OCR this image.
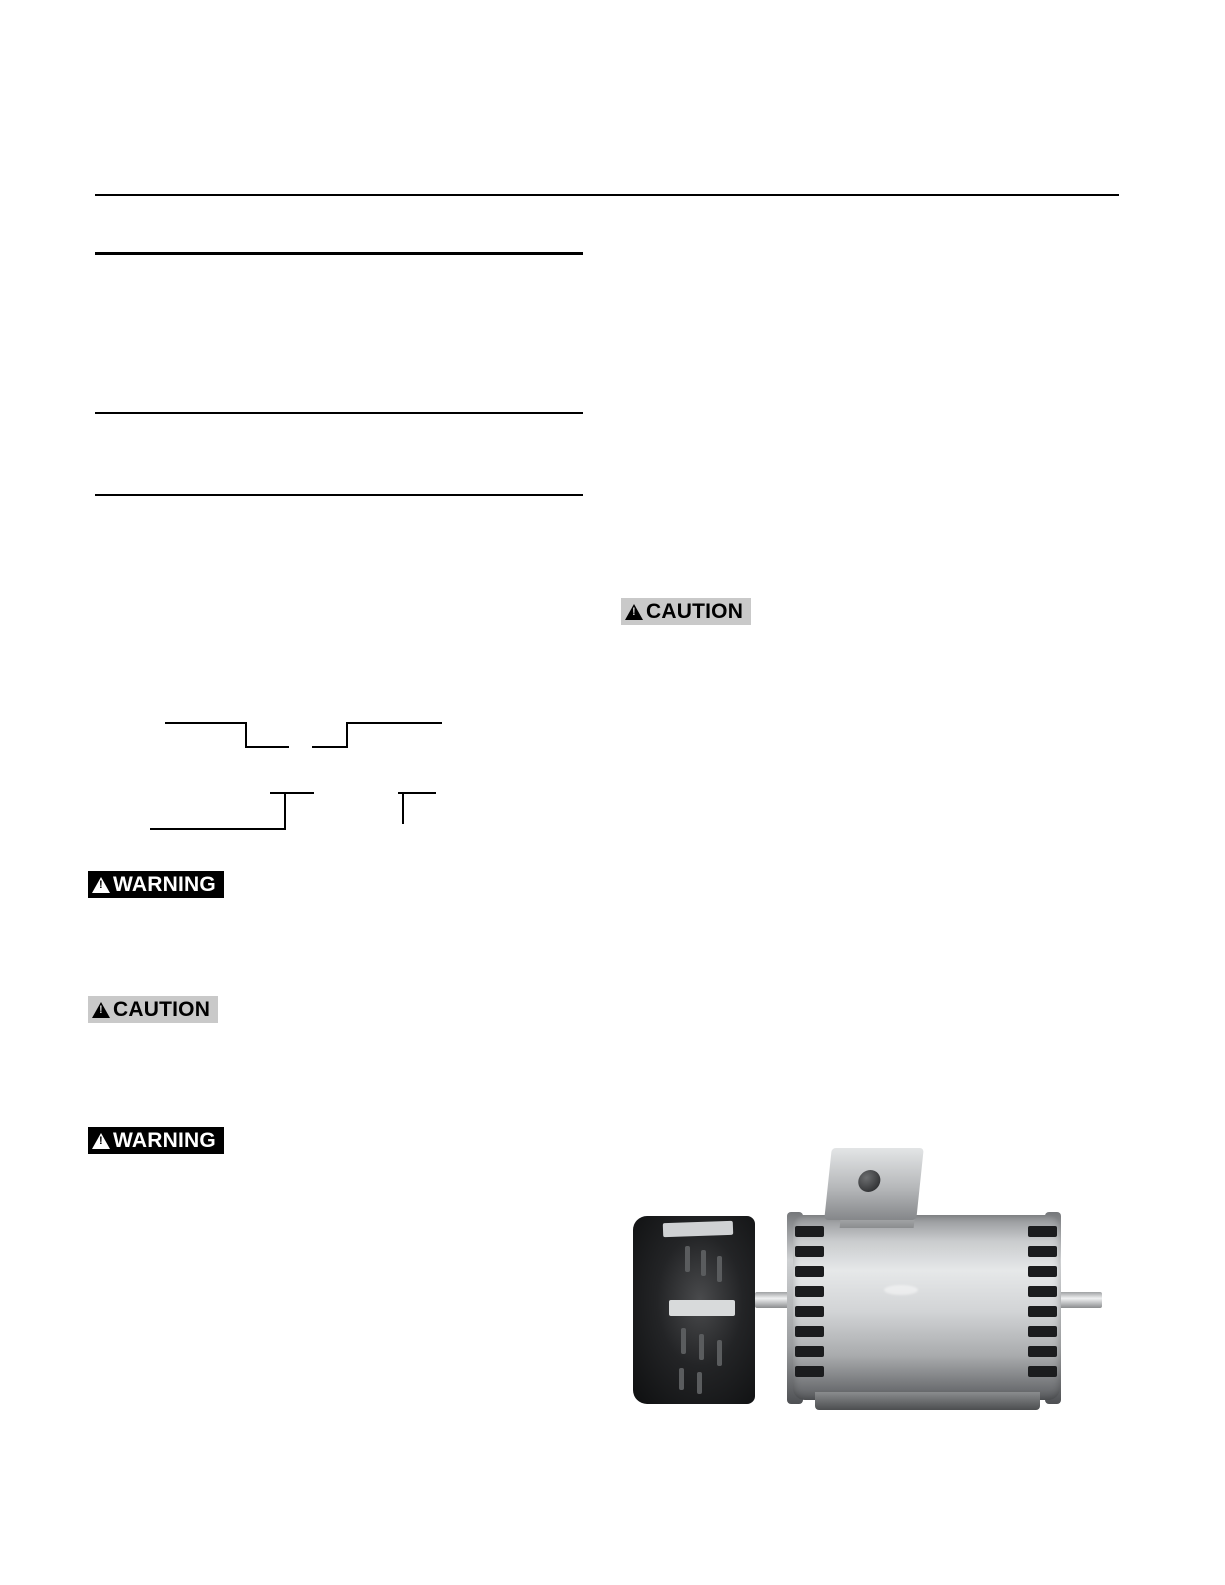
!
WARNING
!
CAUTION
!
WARNING
!
CAUTION
